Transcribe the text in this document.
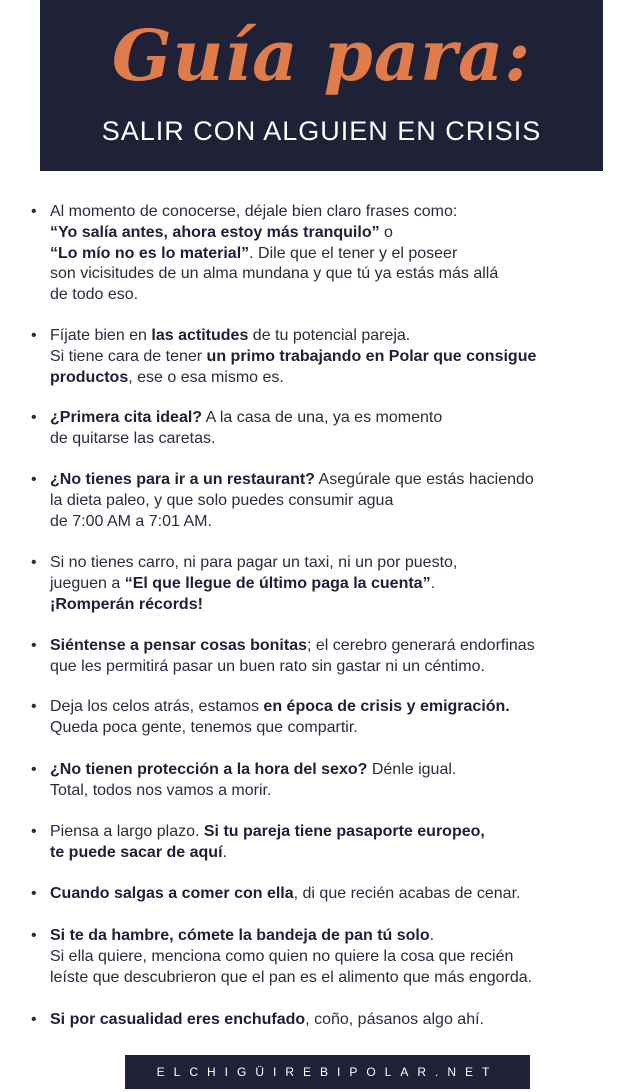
Guía para:
SALIR CON ALGUIEN EN CRISIS
• Al momento de conocerse, déjale bien claro frases como:
“Yo salía antes, ahora estoy más tranquilo” o
“Lo mío no es lo material”. Dile que el tener y el poseer
son vicisitudes de un alma mundana y que tú ya estás más allá
de todo eso.
• Fíjate bien en las actitudes de tu potencial pareja.
Si tiene cara de tener un primo trabajando en Polar que consigue
productos, ese o esa mismo es.
• ¿Primera cita ideal? A la casa de una, ya es momento
de quitarse las caretas.
• ¿No tienes para ir a un restaurant? Asegúrale que estás haciendo
la dieta paleo, y que solo puedes consumir agua
de 7:00 AM a 7:01 AM.
• Si no tienes carro, ni para pagar un taxi, ni un por puesto,
jueguen a “El que llegue de último paga la cuenta”.
¡Romperán récords!
• Siéntense a pensar cosas bonitas; el cerebro generará endorfinas
que les permitirá pasar un buen rato sin gastar ni un céntimo.
• Deja los celos atrás, estamos en época de crisis y emigración.
Queda poca gente, tenemos que compartir.
• ¿No tienen protección a la hora del sexo? Dénle igual.
Total, todos nos vamos a morir.
• Piensa a largo plazo. Si tu pareja tiene pasaporte europeo,
te puede sacar de aquí.
• Cuando salgas a comer con ella, di que recién acabas de cenar.
• Si te da hambre, cómete la bandeja de pan tú solo.
Si ella quiere, menciona como quien no quiere la cosa que recién
leíste que descubrieron que el pan es el alimento que más engorda.
• Si por casualidad eres enchufado, coño, pásanos algo ahí.
ELCHIGÜIREBIPOLAR.NET
